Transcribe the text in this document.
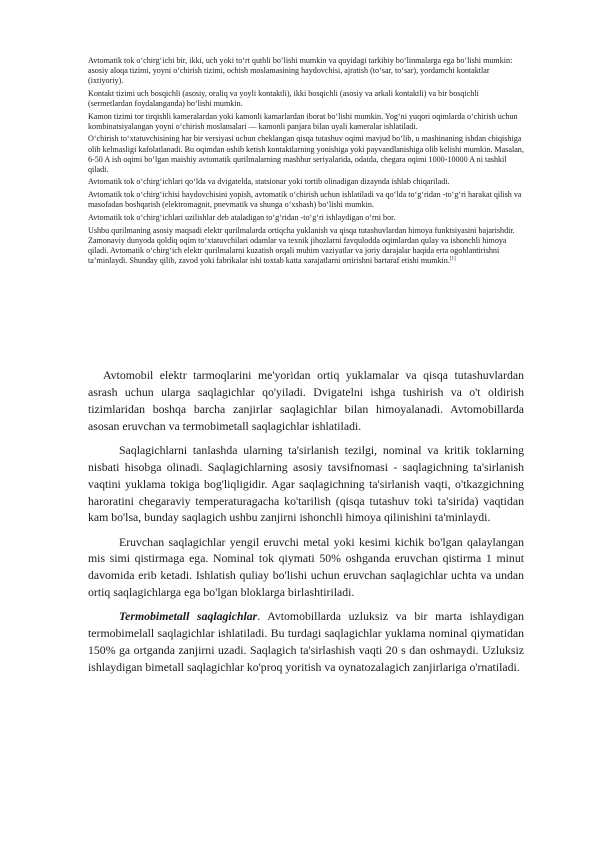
Avtomatik tok o‘chirg‘ichi bir, ikki, uch yoki to‘rt qutbli bo‘lishi mumkin va quyidagi tarkibiy bo‘linmalarga ega bo‘lishi mumkin: asosiy aloqa tizimi, yoyni o‘chirish tizimi, ochish moslamasining haydovchisi, ajratish (to‘sar, to‘sar), yordamchi kontaktlar (ixtiyoriy).

Kontakt tizimi uch bosqichli (asosiy, oraliq va yoyli kontaktli), ikki bosqichli (asosiy va arkali kontaktli) va bir bosqichli (sermetlardan foydalanganda) bo‘lishi mumkin.

Kamon tizimi tor tirqishli kameralardan yoki kamonli kamarlardan iborat bo‘lishi mumkin. Yog‘ni yuqori oqimlarda o‘chirish uchun kombinatsiyalangan yoyni o‘chirish moslamalari — kamonli panjara bilan uyali kameralar ishlatiladi.

O‘chirish to‘xtatuvchisining har bir versiyasi uchun cheklangan qisqa tutashuv oqimi mavjud bo‘lib, u mashinaning ishdan chiqishiga olib kelmasligi kafolatlanadi. Bu oqimdan oshib ketish kontaktlarning yonishiga yoki payvandlanishiga olib kelishi mumkin. Masalan, 6-50 A ish oqimi bo‘lgan maishiy avtomatik qurilmalarning mashhur seriyalarida, odatda, chegara oqimi 1000-10000 A ni tashkil qiladi.

Avtomatik tok o‘chirg‘ichlari qo‘lda va dvigatelda, statsionar yoki tortib olinadigan dizaynda ishlab chiqariladi.

Avtomatik tok o‘chirg‘ichisi haydovchisini yopish, avtomatik o‘chirish uchun ishlatiladi va qo‘lda to‘g‘ridan -to‘g‘ri harakat qilish va masofadan boshqarish (elektromagnit, pnevmatik va shunga o‘xshash) bo‘lishi mumkin.

Avtomatik tok o‘chirg‘ichlari uzilishlar deb ataladigan to‘g‘ridan -to‘g‘ri ishlaydigan o‘rni bor.

Ushbu qurilmaning asosiy maqsadi elektr qurilmalarda ortiqcha yuklanish va qisqa tutashuvlardan himoya funktsiyasini bajarishdir. Zamonaviy dunyoda qoldiq oqim to‘xtatuvchilari odamlar va texnik jihozlarni favqulodda oqimlardan qulay va ishonchli himoya qiladi. Avtomatik o‘chirg‘ich elektr qurilmalarni kuzatish orqali muhim vaziyatlar va joriy darajalar haqida erta ogohlantirishni ta’minlaydi. Shunday qilib, zavod yoki fabrikalar ishi toxtab katta xarajatlarni ortirishni bartaraf etishi mumkin.[1]

Avtomobil elektr tarmoqlarini me'yoridan ortiq yuklamalar va qisqa tutashuvlardan asrash uchun ularga saqlagichlar qo'yiladi. Dvigatelni ishga tushirish va o't oldirish tizimlaridan boshqa barcha zanjirlar saqlagichlar bilan himoyalanadi. Avtomobillarda asosan eruvchan va termobimetall saqlagichlar ishlatiladi.

Saqlagichlarni tanlashda ularning ta'sirlanish tezilgi, nominal va kritik toklarning nisbati hisobga olinadi. Saqlagichlarning asosiy tavsifnomasi - saqlagichning ta'sirlanish vaqtini yuklama tokiga bog'liqligidir. Agar saqlagichning ta'sirlanish vaqti, o'tkazgichning haroratini chegaraviy temperaturagacha ko'tarilish (qisqa tutashuv toki ta'sirida) vaqtidan kam bo'lsa, bunday saqlagich ushbu zanjirni ishonchli himoya qilinishini ta'minlaydi.

Eruvchan saqlagichlar yengil eruvchi metal yoki kesimi kichik bo'lgan qalaylangan mis simi qistirmaga ega. Nominal tok qiymati 50% oshganda eruvchan qistirma 1 minut davomida erib ketadi. Ishlatish quliay bo'lishi uchun eruvchan saqlagichlar uchta va undan ortiq saqlagichlarga ega bo'lgan bloklarga birlashtiriladi.

Termobimetall saqlagichlar. Avtomobillarda uzluksiz va bir marta ishlaydigan termobimelall saqlagichlar ishlatiladi. Bu turdagi saqlagichlar yuklama nominal qiymatidan 150% ga ortganda zanjirni uzadi. Saqlagich ta'sirlashish vaqti 20 s dan oshmaydi. Uzluksiz ishlaydigan bimetall saqlagichlar ko'proq yoritish va oynatozalagich zanjirlariga o'rnatiladi.
